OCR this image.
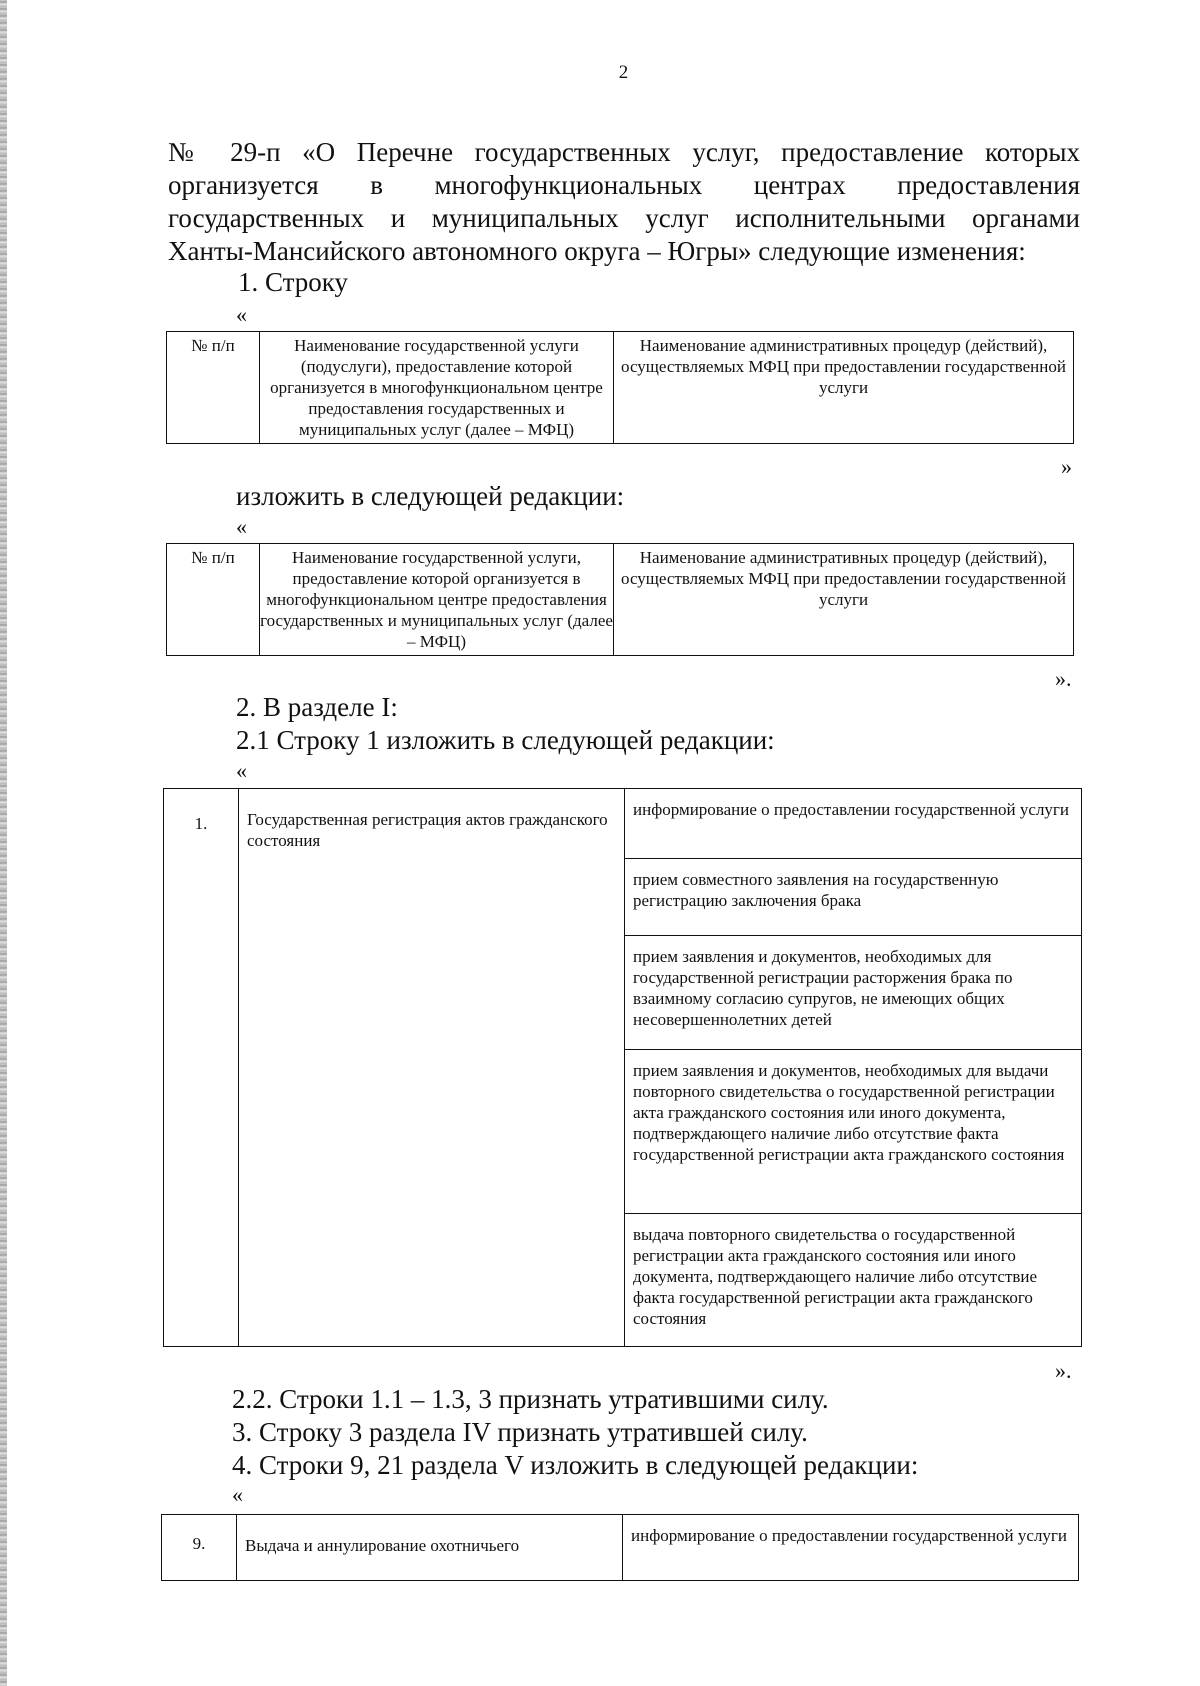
2

№ 29-п «О Перечне государственных услуг, предоставление которых

организуется в многофункциональных центрах предоставления

государственных и муниципальных услуг исполнительными органами

Ханты-Мансийского автономного округа – Югры» следующие изменения:

1. Строку

«

№ п/п	Наименование государственной услуги (подуслуги), предоставление которой организуется в многофункциональном центре предоставления государственных и муниципальных услуг (далее – МФЦ)	Наименование административных процедур (действий), осуществляемых МФЦ при предоставлении государственной услуги

»

изложить в следующей редакции:

«

№ п/п	Наименование государственной услуги, предоставление которой организуется в многофункциональном центре предоставления государственных и муниципальных услуг (далее – МФЦ)	Наименование административных процедур (действий), осуществляемых МФЦ при предоставлении государственной услуги

».

2. В разделе I:

2.1 Строку 1 изложить в следующей редакции:

«

1.	Государственная регистрация актов гражданского состояния	информирование о предоставлении государственной услуги
прием совместного заявления на государственную регистрацию заключения брака
прием заявления и документов, необходимых для государственной регистрации расторжения брака по взаимному согласию супругов, не имеющих общих несовершеннолетних детей
прием заявления и документов, необходимых для выдачи повторного свидетельства о государственной регистрации акта гражданского состояния или иного документа, подтверждающего наличие либо отсутствие факта государственной регистрации акта гражданского состояния
выдача повторного свидетельства о государственной регистрации акта гражданского состояния или иного документа, подтверждающего наличие либо отсутствие факта государственной регистрации акта гражданского состояния

».

2.2. Строки 1.1 – 1.3, 3 признать утратившими силу.

3. Строку 3 раздела IV признать утратившей силу.

4. Строки 9, 21 раздела V изложить в следующей редакции:

«

9.	Выдача и аннулирование охотничьего	информирование о предоставлении государственной услуги
